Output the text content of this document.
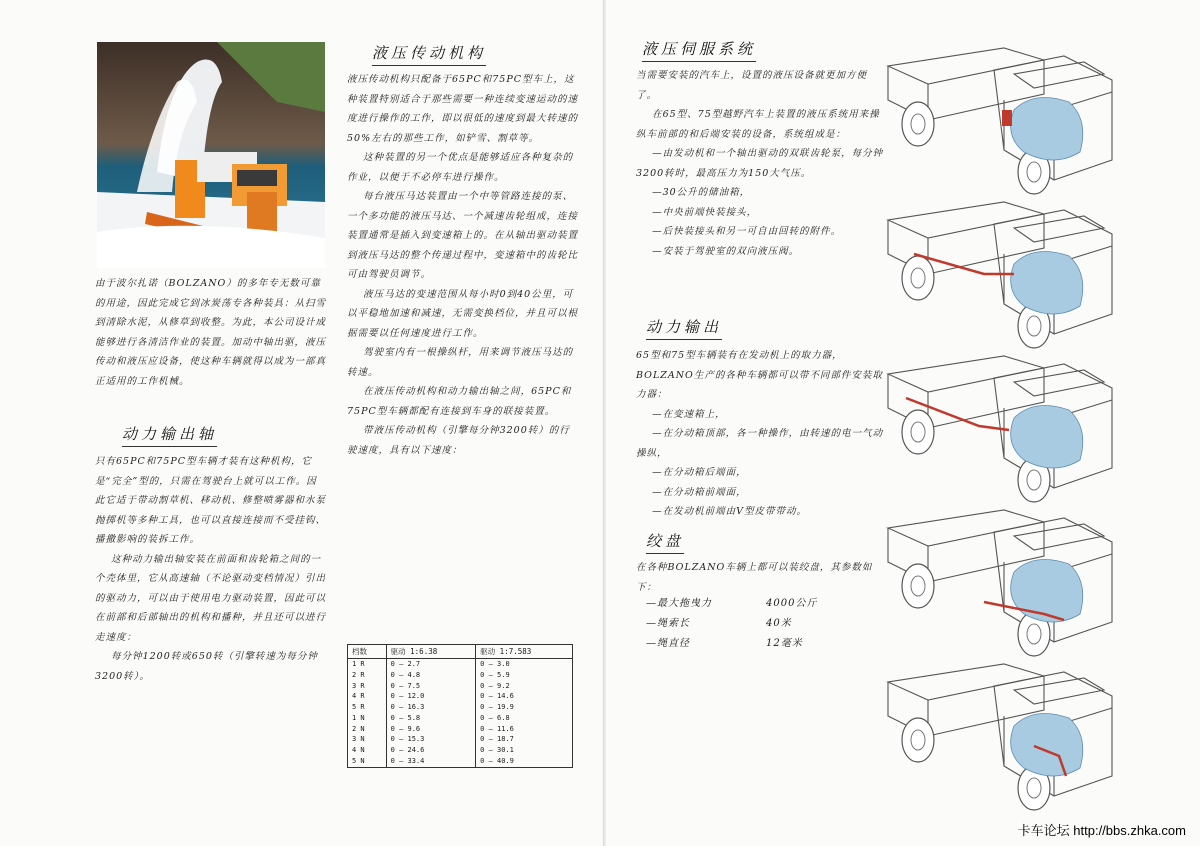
由于波尔扎诺（BOLZANO）的多年专无数可靠的用途，因此完成它到冰炭荡专各种装具：从扫雪到清除水泥，从修草到收整。为此，本公司设计成能够进行各清洁作业的装置。加动中轴出驱，液压传动和液压应设备，使这种车辆就得以成为一部真正适用的工作机械。
动力输出轴
只有65PC和75PC型车辆才装有这种机构，它是“完全”型的，只需在驾驶台上就可以工作。因此它适于带动割草机、移动机、修整喷雾器和水泵抛掷机等多种工具，也可以直接连接而不受挂钩、播撒影响的装拆工作。
这种动力输出轴安装在前面和齿轮箱之间的一个壳体里，它从高速轴（不论驱动变档情况）引出的驱动力，可以由于使用电力驱动装置，因此可以在前部和后部轴出的机构和播种，并且还可以进行走速度：
每分钟1200转或650转（引擎转速为每分钟3200转）。
液压传动机构
液压传动机构只配备于65PC和75PC型车上，这种装置特别适合于那些需要一种连续变速运动的速度进行操作的工作，即以很低的速度到最大转速的50%左右的那些工作，如铲雪、割草等。
这种装置的另一个优点是能够适应各种复杂的作业，以便于不必停车进行操作。
每台液压马达装置由一个中等管路连接的泵、一个多功能的液压马达、一个减速齿轮组成，连接装置通常是插入到变速箱上的。在从轴出驱动装置到液压马达的整个传递过程中，变速箱中的齿轮比可由驾驶员调节。
液压马达的变速范围从每小时0到40公里，可以平稳地加速和减速，无需变换档位，并且可以根据需要以任何速度进行工作。
驾驶室内有一根操纵杆，用来调节液压马达的转速。
在液压传动机构和动力输出轴之间，65PC和75PC型车辆都配有连接到车身的联接装置。
带液压传动机构（引擎每分钟3200转）的行驶速度，具有以下速度：
档数	驱动 1:6.38	驱动 1:7.583
1 R	0 — 2.7	0 — 3.0
2 R	0 — 4.8	0 — 5.9
3 R	0 — 7.5	0 — 9.2
4 R	0 — 12.0	0 — 14.6
5 R	0 — 16.3	0 — 19.9
1 N	0 — 5.8	0 — 6.8
2 N	0 — 9.6	0 — 11.6
3 N	0 — 15.3	0 — 18.7
4 N	0 — 24.6	0 — 30.1
5 N	0 — 33.4	0 — 40.9
液压伺服系统
当需要安装的汽车上，设置的液压设备就更加方便了。
在65型、75型越野汽车上装置的液压系统用来操纵车前部的和后端安装的设备，系统组成是：
—由发动机和一个轴出驱动的双联齿轮泵，每分钟3200转时，最高压力为150大气压。
—30公升的储油箱，
—中央前端快装接头，
—后快装接头和另一可自由回转的附件。
—安装于驾驶室的双向液压阀。
动力输出
65型和75型车辆装有在发动机上的取力器，BOLZANO生产的各种车辆都可以带不同部件安装取力器：
—在变速箱上，
—在分动箱顶部，各一种操作，由转速的电一气动操纵，
—在分动箱后端面，
—在分动箱前端面，
—在发动机前端由V型皮带带动。
绞盘
在各种BOLZANO车辆上都可以装绞盘，其参数如下：
—最大拖曳力	4000公斤
—绳索长	40米
—绳直径	12毫米
卡车论坛 http://bbs.zhka.com
